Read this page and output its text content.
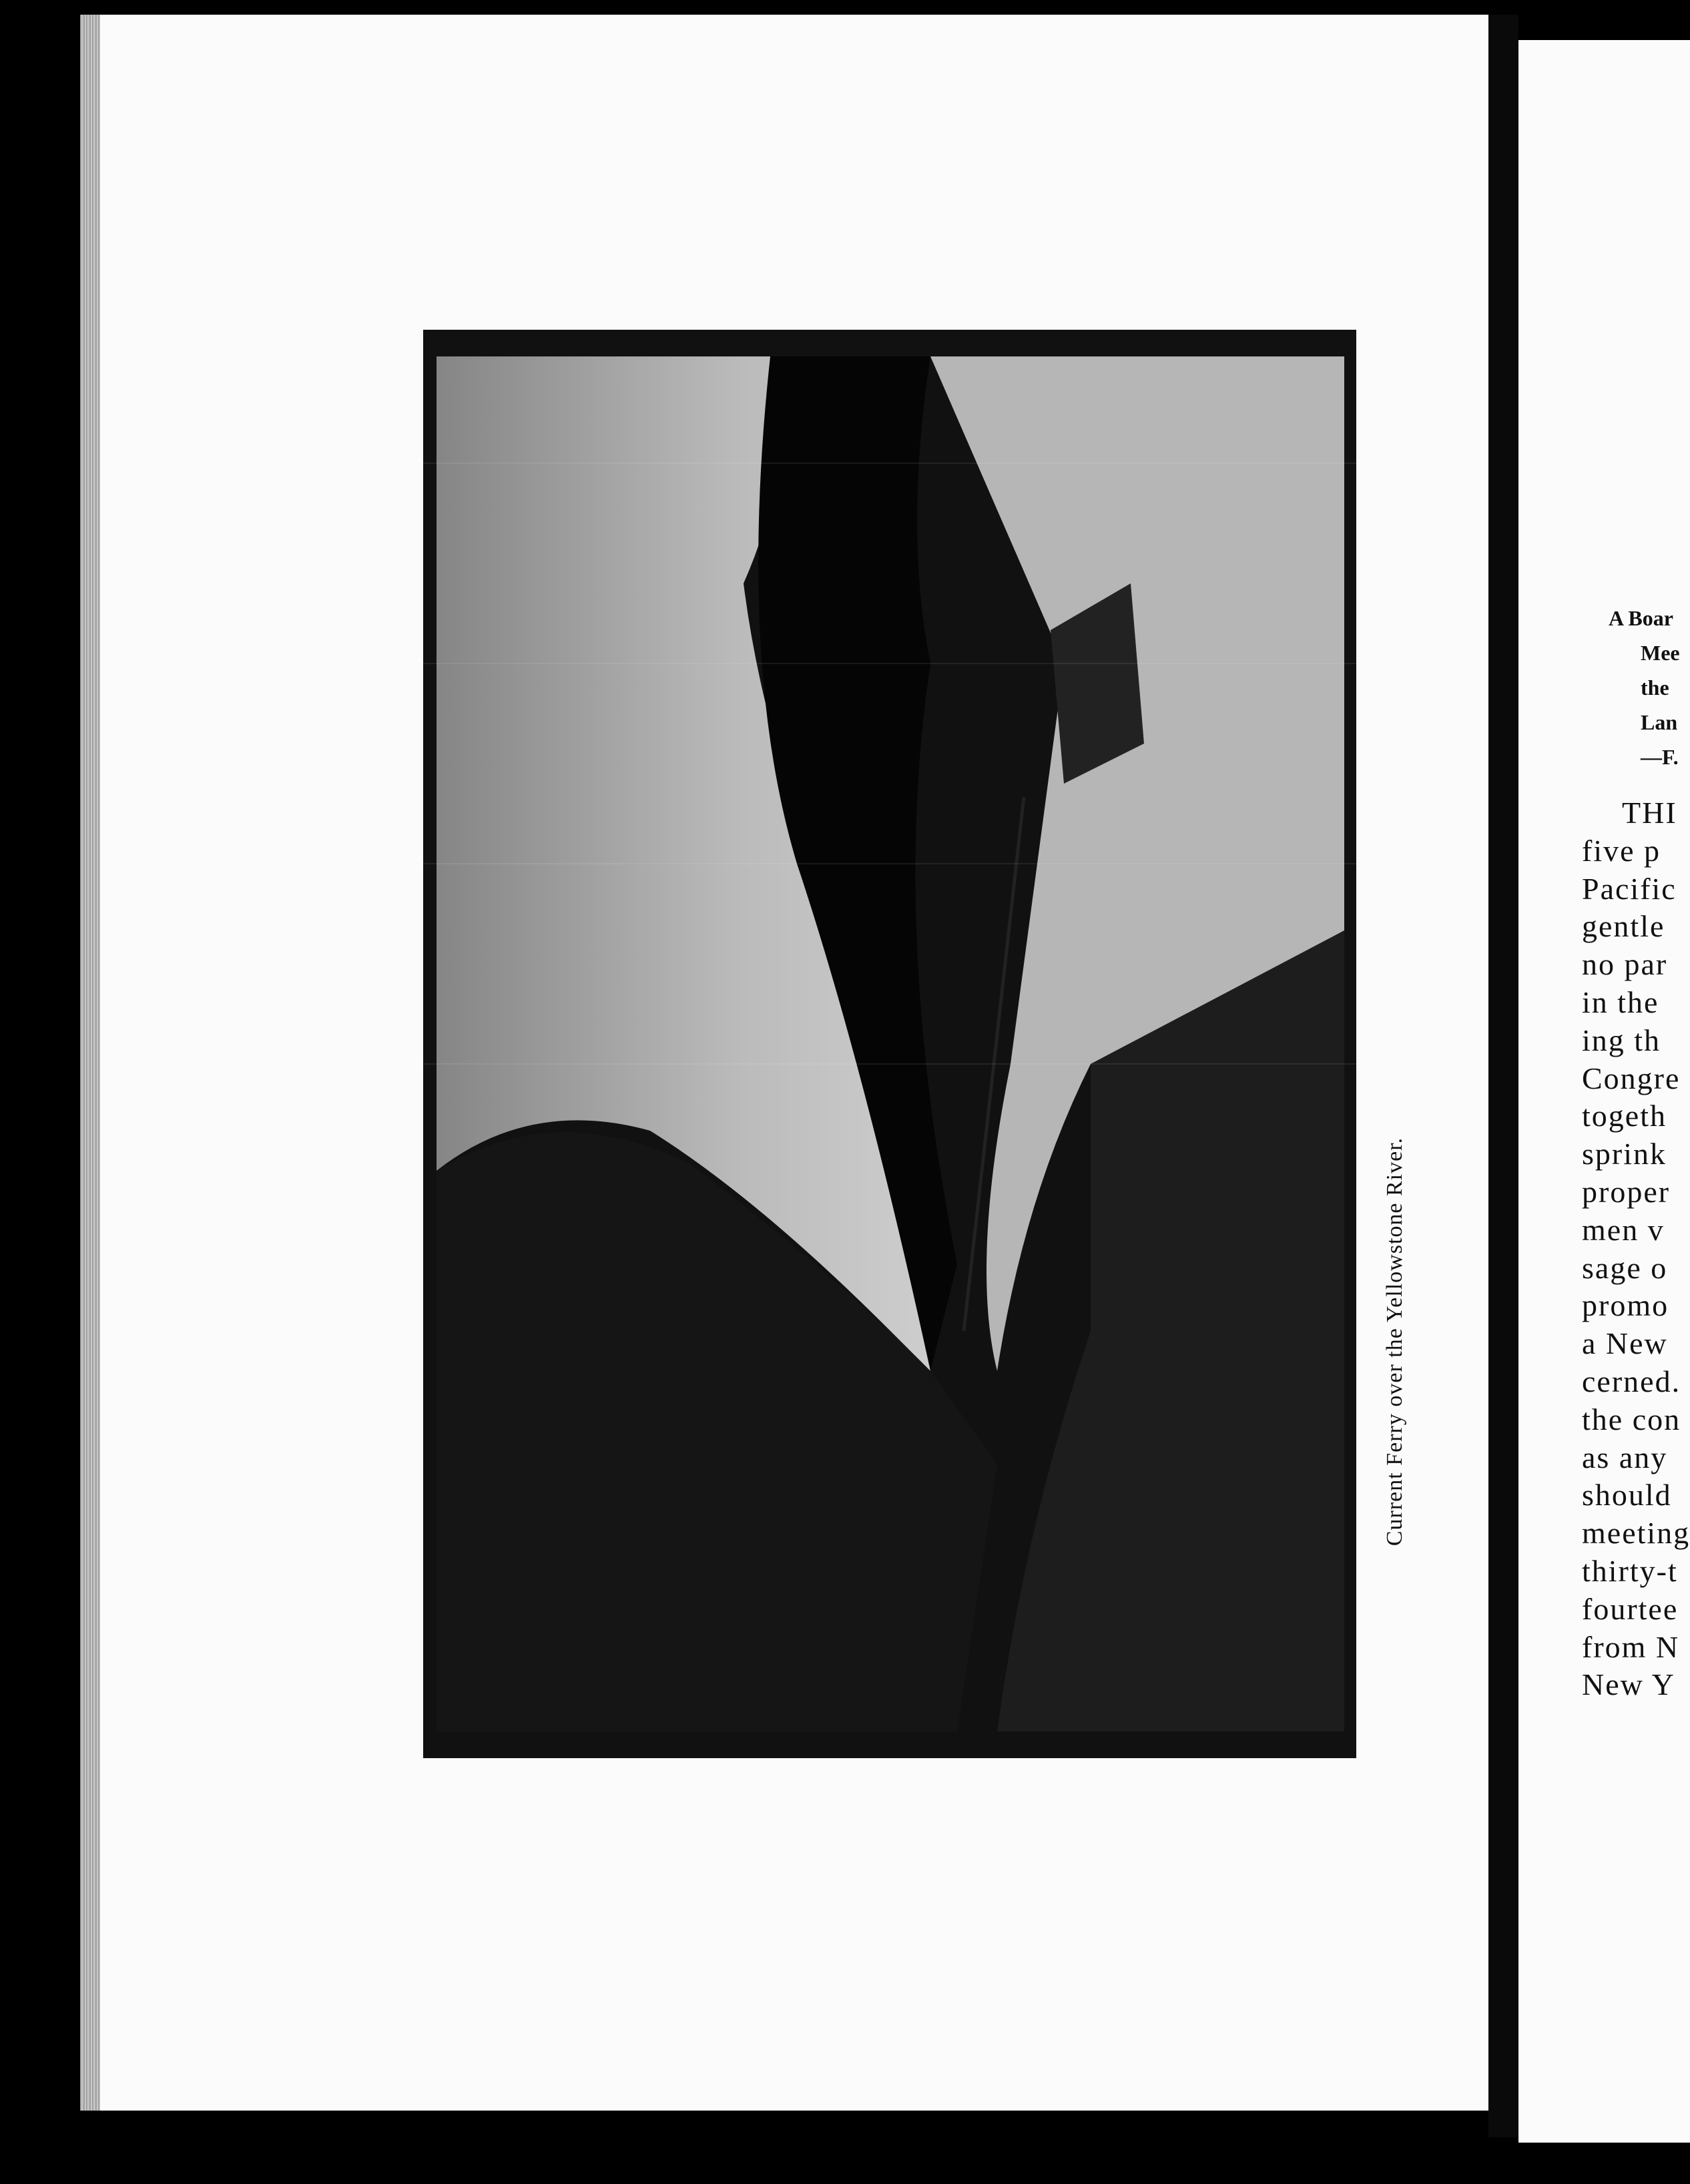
Current Ferry over the Yellowstone River.
A Boar
Mee
the
Lan
—F.
THI
five p
Pacific
gentle
no par
in the
ing th
Congre
togeth
sprink
proper
men v
sage o
promo
a New
cerned.
the con
as any
should
meeting
thirty-t
fourtee
from N
New Y
